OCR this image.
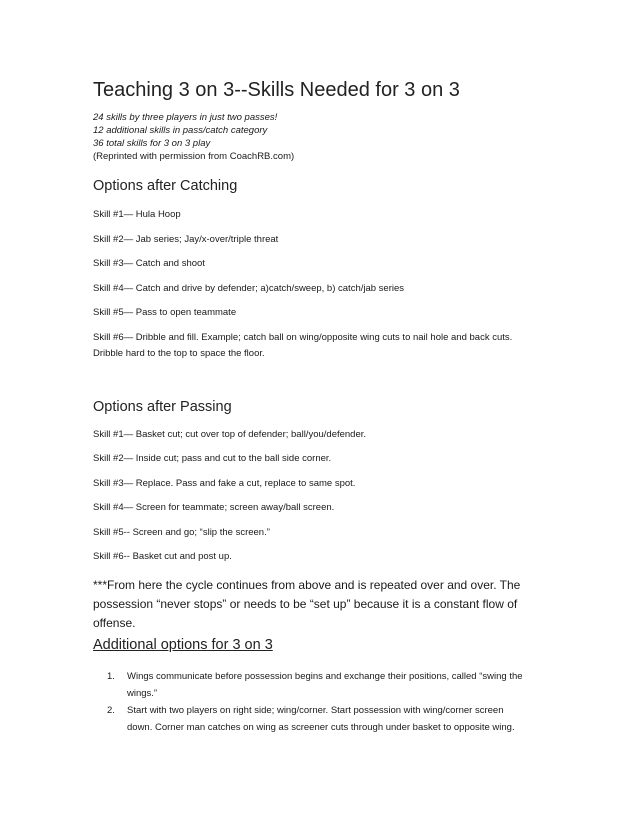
Teaching 3 on 3--Skills Needed for 3 on 3
24 skills by three players in just two passes!
12 additional skills in pass/catch category
36 total skills for 3 on 3 play
(Reprinted with permission from CoachRB.com)
Options after Catching
Skill #1— Hula Hoop
Skill #2— Jab series; Jay/x-over/triple threat
Skill #3— Catch and shoot
Skill #4— Catch and drive by defender; a)catch/sweep, b) catch/jab series
Skill #5— Pass to open teammate
Skill #6— Dribble and fill. Example; catch ball on wing/opposite wing cuts to nail hole and back cuts.
Dribble hard to the top to space the floor.
Options after Passing
Skill #1— Basket cut; cut over top of defender; ball/you/defender.
Skill #2— Inside cut; pass and cut to the ball side corner.
Skill #3— Replace. Pass and fake a cut, replace to same spot.
Skill #4— Screen for teammate; screen away/ball screen.
Skill #5-- Screen and go; “slip the screen.”
Skill #6-- Basket cut and post up.
***From here the cycle continues from above and is repeated over and over. The
possession “never stops” or needs to be “set up” because it is a constant flow of
offense.
Additional options for 3 on 3
1. Wings communicate before possession begins and exchange their positions, called “swing the
wings.”
2. Start with two players on right side; wing/corner. Start possession with wing/corner screen
down. Corner man catches on wing as screener cuts through under basket to opposite wing.
